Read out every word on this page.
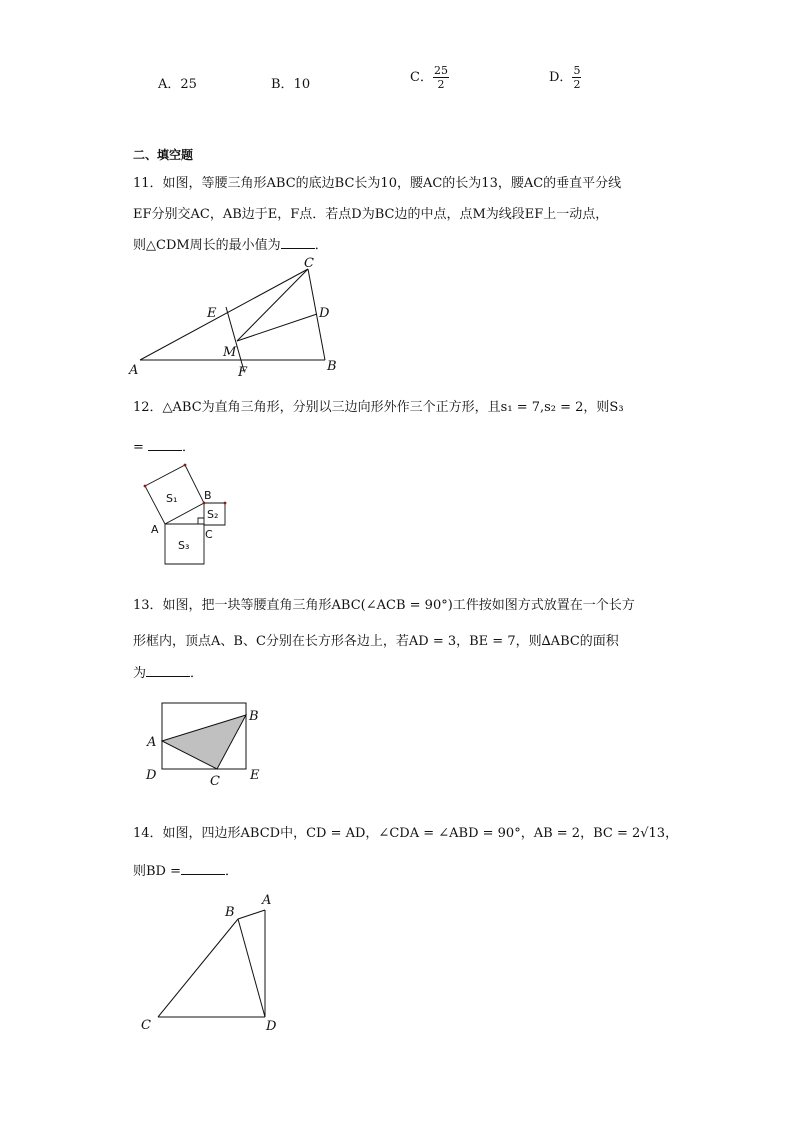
A．25	B．10	C． $\frac{25}{2}$	D． $\frac{5}{2}$
二、填空题
11．如图，等腰三角形ABC的底边BC长为10，腰AC的长为13，腰AC的垂直平分线
EF分别交AC，AB边于E，F点．若点D为BC边的中点，点M为线段EF上一动点，
则△CDM周长的最小值为	．
A	B
C
D
E
F
M
12．△ABC为直角三角形，分别以三边向形外作三个正方形，且s₁ = 7,s₂ = 2，则S₃
=	．
S₁
S₂
S₃
A
B
C
13．如图，把一块等腰直角三角形ABC(∠ACB = 90°)工件按如图方式放置在一个长方
形框内，顶点A、B、C分别在长方形各边上，若AD = 3，BE = 7，则∆ABC的面积
为	．
A
B
C
D	E
14．如图，四边形ABCD中，CD = AD，∠CDA = ∠ABD = 90°，AB = 2，BC = 2√13，
则BD =	．
A
B
C	D
